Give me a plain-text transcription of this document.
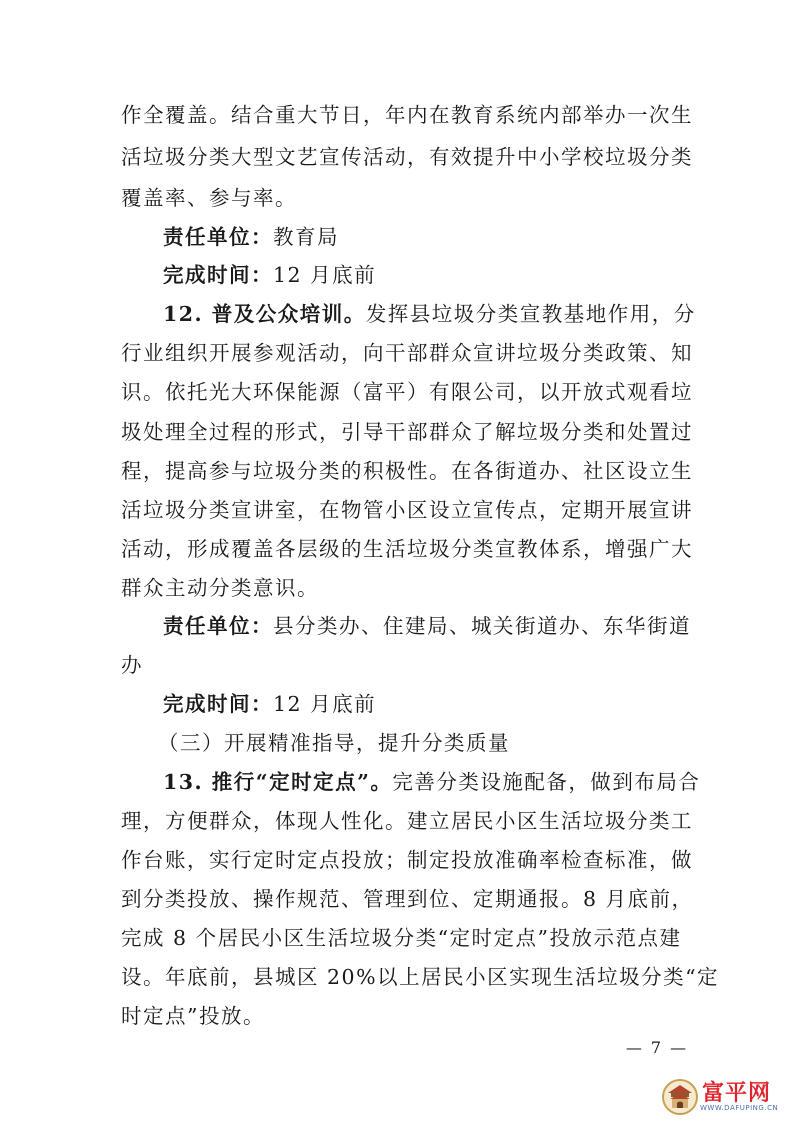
作全覆盖。结合重大节日，年内在教育系统内部举办一次生
活垃圾分类大型文艺宣传活动，有效提升中小学校垃圾分类
覆盖率、参与率。
责任单位：教育局
完成时间：12 月底前
12. 普及公众培训。发挥县垃圾分类宣教基地作用，分
行业组织开展参观活动，向干部群众宣讲垃圾分类政策、知
识。依托光大环保能源（富平）有限公司，以开放式观看垃
圾处理全过程的形式，引导干部群众了解垃圾分类和处置过
程，提高参与垃圾分类的积极性。在各街道办、社区设立生
活垃圾分类宣讲室，在物管小区设立宣传点，定期开展宣讲
活动，形成覆盖各层级的生活垃圾分类宣教体系，增强广大
群众主动分类意识。
责任单位：县分类办、住建局、城关街道办、东华街道
办
完成时间：12 月底前
（三）开展精准指导，提升分类质量
13. 推行“定时定点”。完善分类设施配备，做到布局合
理，方便群众，体现人性化。建立居民小区生活垃圾分类工
作台账，实行定时定点投放；制定投放准确率检查标准，做
到分类投放、操作规范、管理到位、定期通报。8 月底前，
完成 8 个居民小区生活垃圾分类“定时定点”投放示范点建
设。年底前，县城区 20%以上居民小区实现生活垃圾分类“定
时定点”投放。
— 7 —
富平网
WWW.DAFUPING.CN
